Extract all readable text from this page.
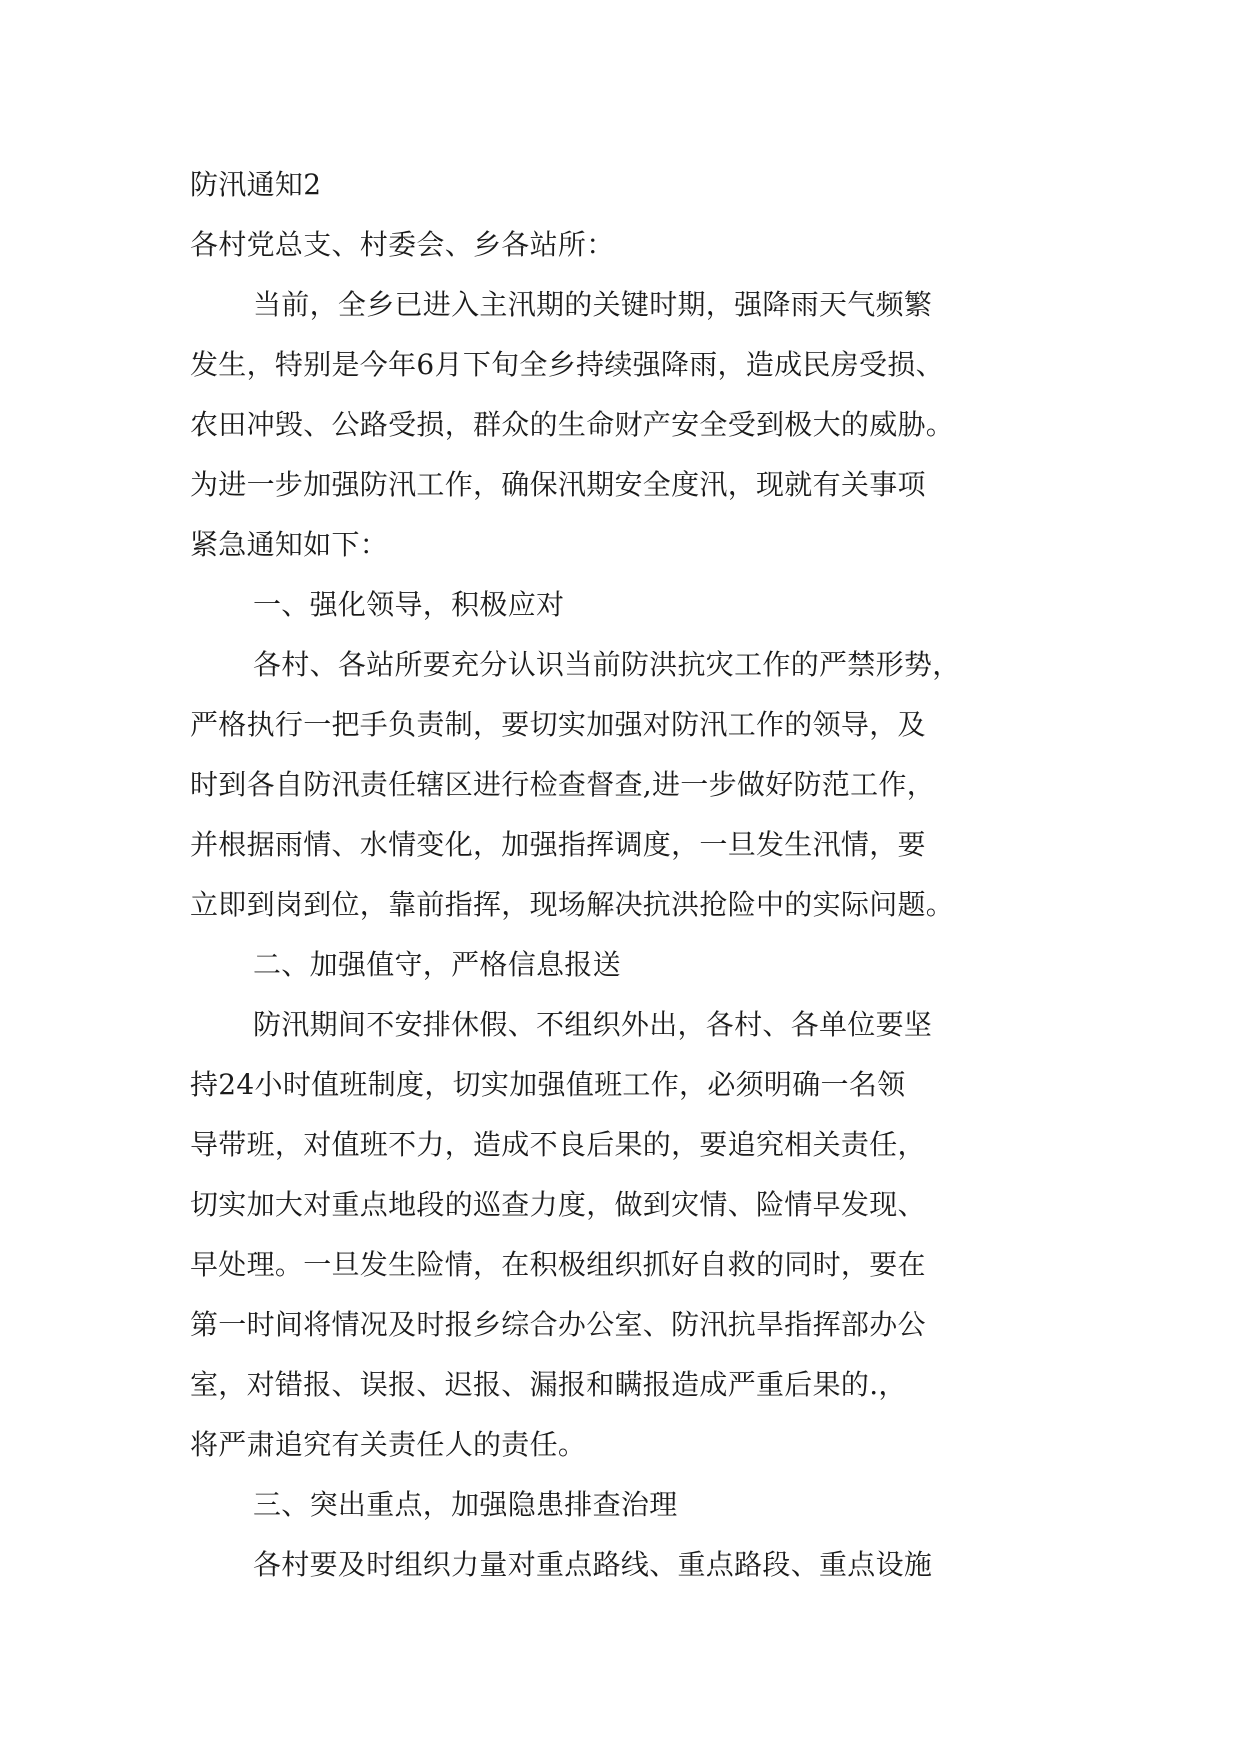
防汛通知2
各村党总支、村委会、乡各站所：
当前，全乡已进入主汛期的关键时期，强降雨天气频繁
发生，特别是今年6月下旬全乡持续强降雨，造成民房受损、
农田冲毁、公路受损，群众的生命财产安全受到极大的威胁。
为进一步加强防汛工作，确保汛期安全度汛，现就有关事项
紧急通知如下：
一、强化领导，积极应对
各村、各站所要充分认识当前防洪抗灾工作的严禁形势，
严格执行一把手负责制，要切实加强对防汛工作的领导，及
时到各自防汛责任辖区进行检查督查,进一步做好防范工作，
并根据雨情、水情变化，加强指挥调度，一旦发生汛情，要
立即到岗到位，靠前指挥，现场解决抗洪抢险中的实际问题。
二、加强值守，严格信息报送
防汛期间不安排休假、不组织外出，各村、各单位要坚
持24小时值班制度，切实加强值班工作，必须明确一名领
导带班，对值班不力，造成不良后果的，要追究相关责任，
切实加大对重点地段的巡查力度，做到灾情、险情早发现、
早处理。一旦发生险情，在积极组织抓好自救的同时，要在
第一时间将情况及时报乡综合办公室、防汛抗旱指挥部办公
室，对错报、误报、迟报、漏报和瞒报造成严重后果的.，
将严肃追究有关责任人的责任。
三、突出重点，加强隐患排查治理
各村要及时组织力量对重点路线、重点路段、重点设施
